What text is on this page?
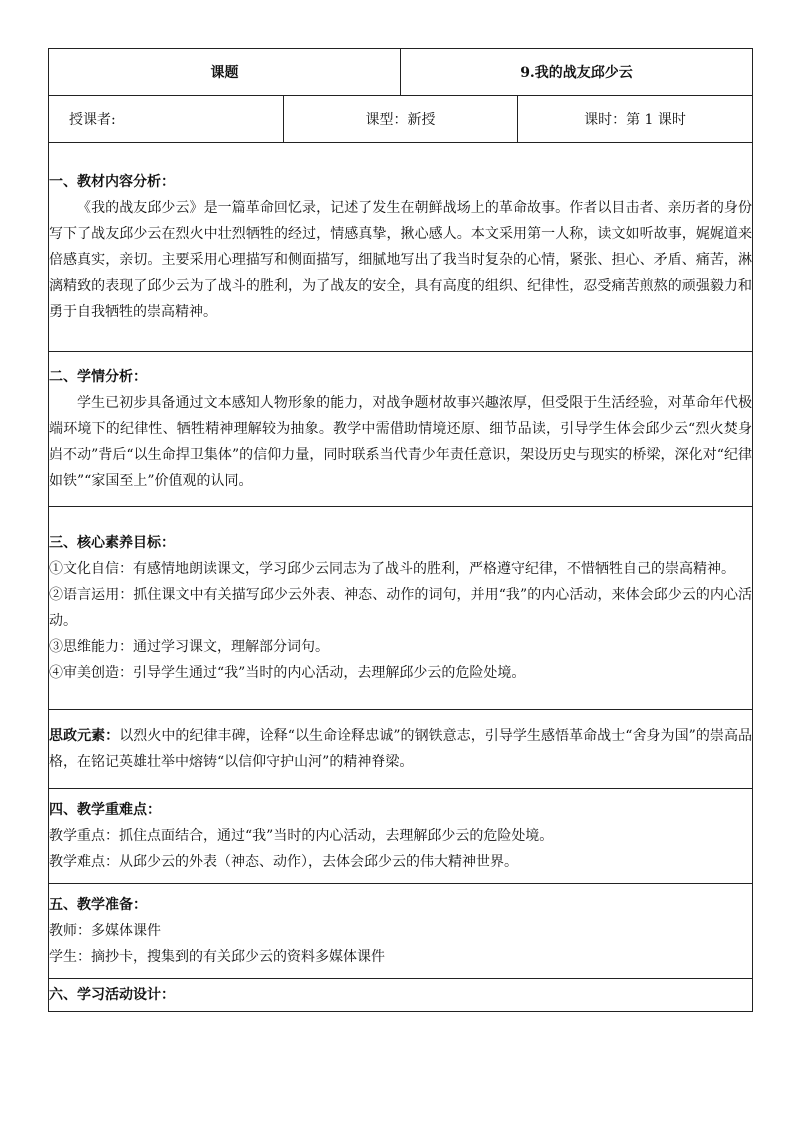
课题		9.我的战友邱少云	
授课者:	课型：新授		课时：第 1 课时

一、教材内容分析：
《我的战友邱少云》是一篇革命回忆录，记述了发生在朝鲜战场上的革命故事。作者以目击者、亲历者的身份写下了战友邱少云在烈火中壮烈牺牲的经过，情感真挚，揪心感人。本文采用第一人称，读文如听故事，娓娓道来倍感真实，亲切。主要采用心理描写和侧面描写，细腻地写出了我当时复杂的心情，紧张、担心、矛盾、痛苦，淋漓精致的表现了邱少云为了战斗的胜利，为了战友的安全，具有高度的组织、纪律性，忍受痛苦煎熬的顽强毅力和勇于自我牺牲的崇高精神。			

二、学情分析：
学生已初步具备通过文本感知人物形象的能力，对战争题材故事兴趣浓厚，但受限于生活经验，对革命年代极端环境下的纪律性、牺牲精神理解较为抽象。教学中需借助情境还原、细节品读，引导学生体会邱少云“烈火焚身岿不动”背后“以生命捍卫集体”的信仰力量，同时联系当代青少年责任意识，架设历史与现实的桥梁，深化对“纪律如铁”“家国至上”价值观的认同。			

三、核心素养目标：
①文化自信：有感情地朗读课文，学习邱少云同志为了战斗的胜利，严格遵守纪律，不惜牺牲自己的崇高精神。
②语言运用：抓住课文中有关描写邱少云外表、神态、动作的词句，并用“我”的内心活动，来体会邱少云的内心活动。
③思维能力：通过学习课文，理解部分词句。
④审美创造：引导学生通过“我”当时的内心活动，去理解邱少云的危险处境。			

思政元素：以烈火中的纪律丰碑，诠释“以生命诠释忠诚”的钢铁意志，引导学生感悟革命战士“舍身为国”的崇高品格，在铭记英雄壮举中熔铸“以信仰守护山河”的精神脊梁。			

四、教学重难点：
教学重点：抓住点面结合，通过“我”当时的内心活动，去理解邱少云的危险处境。
教学难点：从邱少云的外表（神态、动作），去体会邱少云的伟大精神世界。			

五、教学准备：
教师：多媒体课件
学生：摘抄卡，搜集到的有关邱少云的资料多媒体课件			

六、学习活动设计：			
